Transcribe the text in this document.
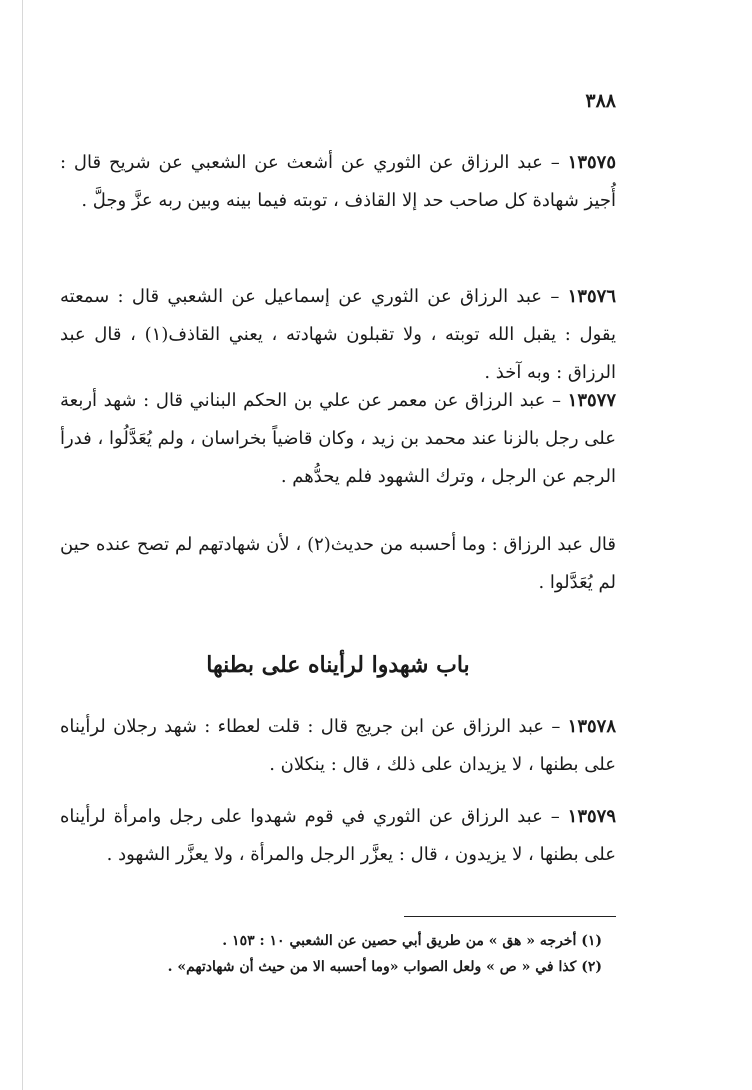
٣٨٨

١٣٥٧٥ – عبد الرزاق عن الثوري عن أشعث عن الشعبي عن شريح قال : أُجيز شهادة كل صاحب حد إلا القاذف ، توبته فيما بينه وبين ربه عزَّ وجلَّ .

١٣٥٧٦ – عبد الرزاق عن الثوري عن إسماعيل عن الشعبي قال : سمعته يقول : يقبل الله توبته ، ولا تقبلون شهادته ، يعني القاذف(١) ، قال عبد الرزاق : وبه آخذ .

١٣٥٧٧ – عبد الرزاق عن معمر عن علي بن الحكم البناني قال : شهد أربعة على رجل بالزنا عند محمد بن زيد ، وكان قاضياً بخراسان ، ولم يُعَدَّلُوا ، فدرأ الرجم عن الرجل ، وترك الشهود فلم يحدُّهم .

قال عبد الرزاق : وما أحسبه من حديث(٢) ، لأن شهادتهم لم تصح عنده حين لم يُعَدَّلوا .

باب شهدوا لرأيناه على بطنها

١٣٥٧٨ – عبد الرزاق عن ابن جريج قال : قلت لعطاء : شهد رجلان لرأيناه على بطنها ، لا يزيدان على ذلك ، قال : ينكلان .

١٣٥٧٩ – عبد الرزاق عن الثوري في قوم شهدوا على رجل وامرأة لرأيناه على بطنها ، لا يزيدون ، قال : يعزَّر الرجل والمرأة ، ولا يعزَّر الشهود .

(١) أخرجه « هق » من طريق أبي حصين عن الشعبي ١٠ : ١٥٣ .

(٢) كذا في « ص » ولعل الصواب «وما أحسبه الا من حيث أن شهادتهم» .
